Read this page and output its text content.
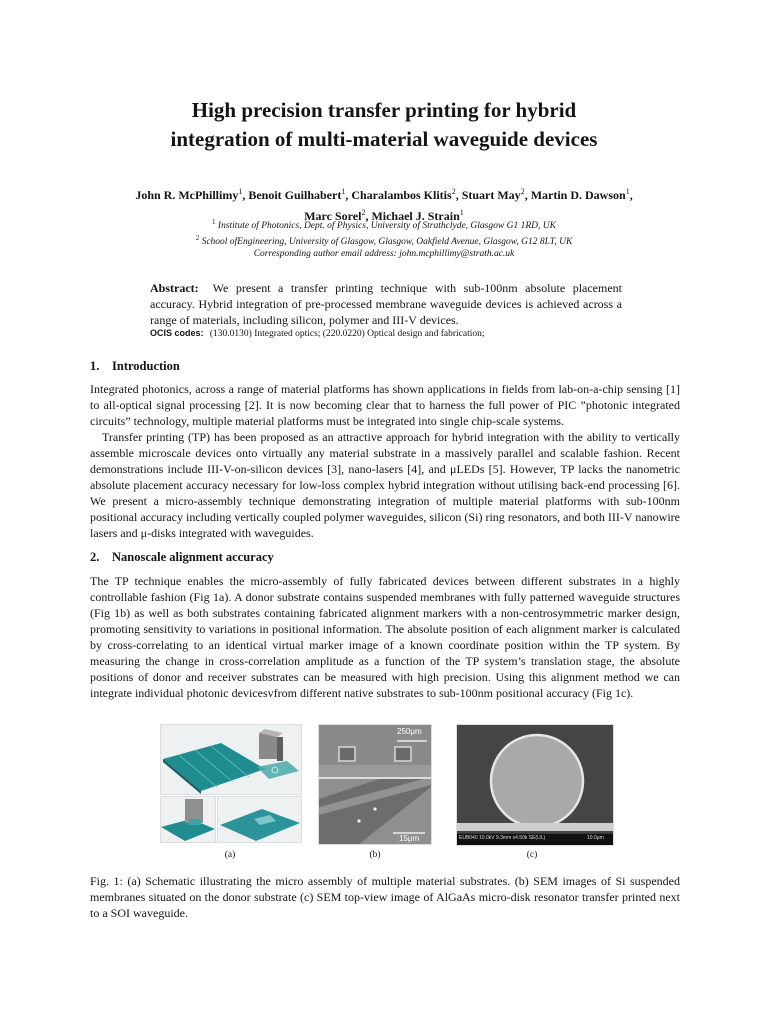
High precision transfer printing for hybrid
integration of multi-material waveguide devices
John R. McPhillimy$^1$, Benoit Guilhabert$^1$, Charalambos Klitis$^2$, Stuart May$^2$, Martin D. Dawson$^1$, Marc Sorel$^2$, Michael J. Strain$^1$
$^1$ Institute of Photonics, Dept. of Physics, University of Strathclyde, Glasgow G1 1RD, UK
$^2$ School ofEngineering, University of Glasgow, Glasgow, Oakfield Avenue, Glasgow, G12 8LT, UK
Corresponding author email address: john.mcphillimy@strath.ac.uk
Abstract: We present a transfer printing technique with sub-100nm absolute placement accuracy. Hybrid integration of pre-processed membrane waveguide devices is achieved across a range of materials, including silicon, polymer and III-V devices.
OCIS codes: (130.0130) Integrated optics; (220.0220) Optical design and fabrication;
1. Introduction

Integrated photonics, across a range of material platforms has shown applications in fields from lab-on-a-chip sensing [1] to all-optical signal processing [2]. It is now becoming clear that to harness the full power of PIC ”photonic integrated circuits” technology, multiple material platforms must be integrated into single chip-scale systems.

Transfer printing (TP) has been proposed as an attractive approach for hybrid integration with the ability to vertically assemble microscale devices onto virtually any material substrate in a massively parallel and scalable fashion. Recent demonstrations include III-V-on-silicon devices [3], nano-lasers [4], and μLEDs [5]. However, TP lacks the nanometric absolute placement accuracy necessary for low-loss complex hybrid integration without utilising back-end processing [6]. We present a micro-assembly technique demonstrating integration of multiple material platforms with sub-100nm positional accuracy including vertically coupled polymer waveguides, silicon (Si) ring resonators, and both III-V nanowire lasers and μ-disks integrated with waveguides.

2. Nanoscale alignment accuracy

The TP technique enables the micro-assembly of fully fabricated devices between different substrates in a highly controllable fashion (Fig 1a). A donor substrate contains suspended membranes with fully patterned waveguide structures (Fig 1b) as well as both substrates containing fabricated alignment markers with a non-centrosymmetric marker design, promoting sensitivity to variations in positional information. The absolute position of each alignment marker is calculated by cross-correlating to an identical virtual marker image of a known coordinate position within the TP system. By measuring the change in cross-correlation amplitude as a function of the TP system’s translation stage, the absolute positions of donor and receiver substrates can be measured with high precision. Using this alignment method we can integrate individual photonic devicesvfrom different native substrates to sub-100nm positional accuracy (Fig 1c).

250μm
15μm	EUB040 10.0kV 9.3mm x4.50k SE(UL)	10.0μm
(a)	(b)	(c)
Fig. 1: (a) Schematic illustrating the micro assembly of multiple material substrates. (b) SEM images of Si suspended membranes situated on the donor substrate (c) SEM top-view image of AlGaAs micro-disk resonator transfer printed next to a SOI waveguide.
